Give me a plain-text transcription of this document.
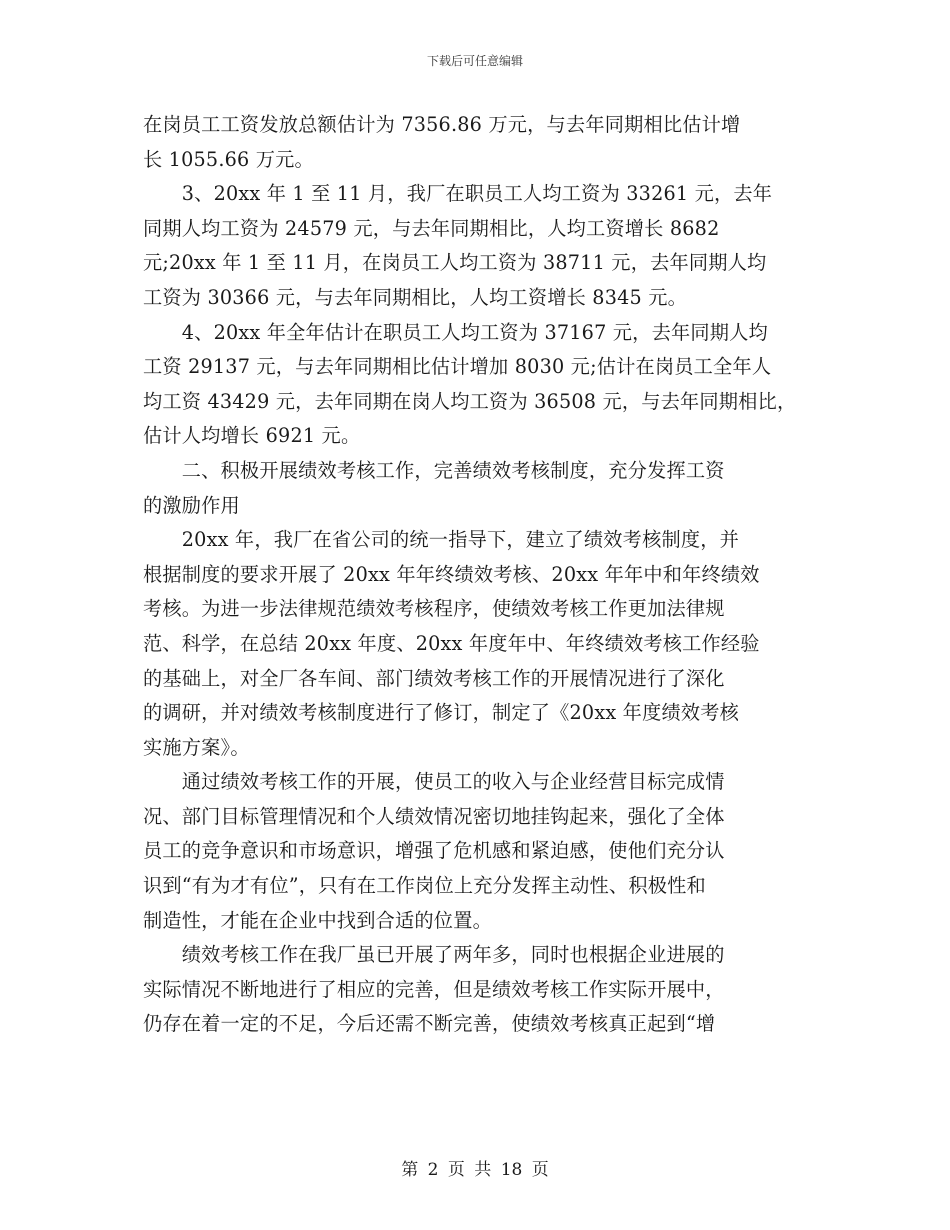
下载后可任意编辑
在岗员工工资发放总额估计为 7356.86 万元，与去年同期相比估计增
长 1055.66 万元。
　　3、20xx 年 1 至 11 月，我厂在职员工人均工资为 33261 元，去年
同期人均工资为 24579 元，与去年同期相比，人均工资增长 8682
元;20xx 年 1 至 11 月，在岗员工人均工资为 38711 元，去年同期人均
工资为 30366 元，与去年同期相比，人均工资增长 8345 元。
　　4、20xx 年全年估计在职员工人均工资为 37167 元，去年同期人均
工资 29137 元，与去年同期相比估计增加 8030 元;估计在岗员工全年人
均工资 43429 元，去年同期在岗人均工资为 36508 元，与去年同期相比，
估计人均增长 6921 元。
　　二、积极开展绩效考核工作，完善绩效考核制度，充分发挥工资
的激励作用
　　20xx 年，我厂在省公司的统一指导下，建立了绩效考核制度，并
根据制度的要求开展了 20xx 年年终绩效考核、20xx 年年中和年终绩效
考核。为进一步法律规范绩效考核程序，使绩效考核工作更加法律规
范、科学，在总结 20xx 年度、20xx 年度年中、年终绩效考核工作经验
的基础上，对全厂各车间、部门绩效考核工作的开展情况进行了深化
的调研，并对绩效考核制度进行了修订，制定了《20xx 年度绩效考核
实施方案》。
　　通过绩效考核工作的开展，使员工的收入与企业经营目标完成情
况、部门目标管理情况和个人绩效情况密切地挂钩起来，强化了全体
员工的竞争意识和市场意识，增强了危机感和紧迫感，使他们充分认
识到“有为才有位”，只有在工作岗位上充分发挥主动性、积极性和
制造性，才能在企业中找到合适的位置。
　　绩效考核工作在我厂虽已开展了两年多，同时也根据企业进展的
实际情况不断地进行了相应的完善，但是绩效考核工作实际开展中，
仍存在着一定的不足，今后还需不断完善，使绩效考核真正起到“增
第 2 页 共 18 页
